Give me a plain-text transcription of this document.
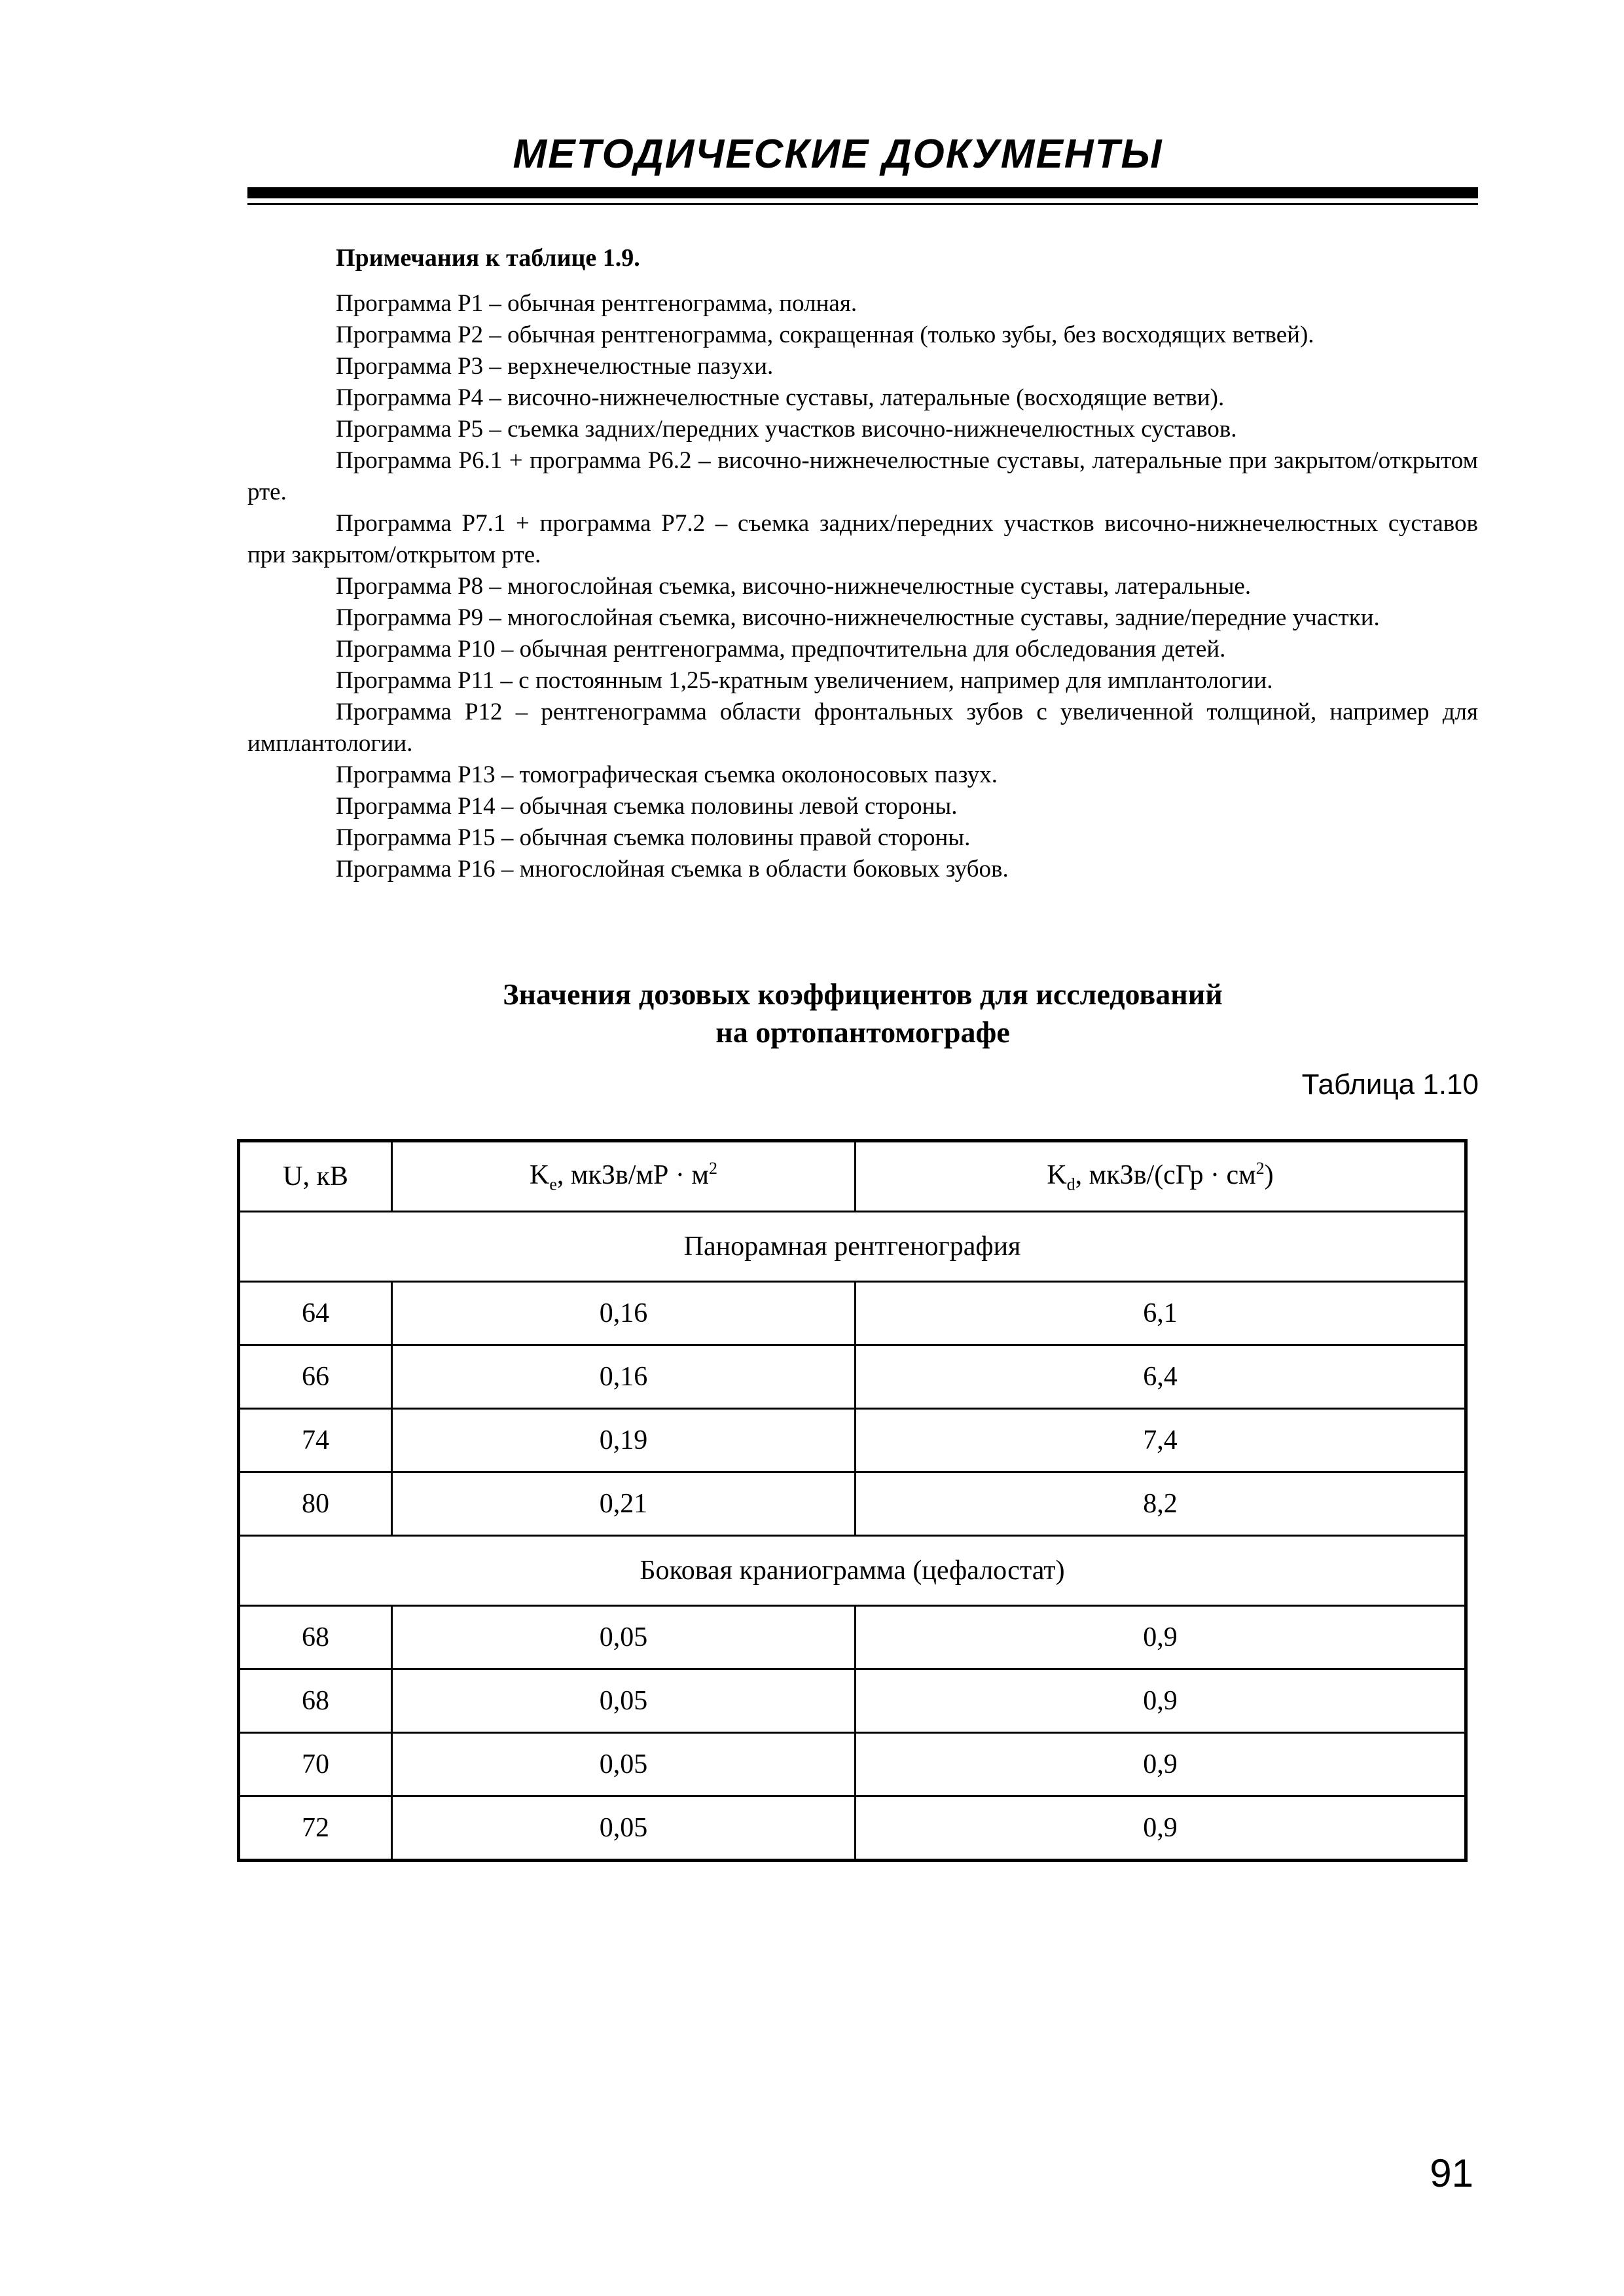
МЕТОДИЧЕСКИЕ ДОКУМЕНТЫ
Примечания к таблице 1.9.

Программа Р1 – обычная рентгенограмма, полная.

Программа Р2 – обычная рентгенограмма, сокращенная (только зубы, без восходящих ветвей).

Программа Р3 – верхнечелюстные пазухи.

Программа Р4 – височно-нижнечелюстные суставы, латеральные (восходящие ветви).

Программа Р5 – съемка задних/передних участков височно-нижнечелюстных суставов.

Программа Р6.1 + программа Р6.2 – височно-нижнечелюстные суставы, латеральные при закрытом/открытом рте.

Программа Р7.1 + программа Р7.2 – съемка задних/передних участков височно-нижнечелюстных суставов при закрытом/открытом рте.

Программа Р8 – многослойная съемка, височно-нижнечелюстные суставы, латеральные.

Программа Р9 – многослойная съемка, височно-нижнечелюстные суставы, задние/передние участки.

Программа Р10 – обычная рентгенограмма, предпочтительна для обследования детей.

Программа Р11 – с постоянным 1,25-кратным увеличением, например для имплантологии.

Программа Р12 – рентгенограмма области фронтальных зубов с увеличенной толщиной, например для имплантологии.

Программа Р13 – томографическая съемка околоносовых пазух.

Программа Р14 – обычная съемка половины левой стороны.

Программа Р15 – обычная съемка половины правой стороны.

Программа Р16 – многослойная съемка в области боковых зубов.

Значения дозовых коэффициентов для исследований
на ортопантомографе
Таблица 1.10
U, кВ	$K_e$, мкЗв/мР · $м^2$	$K_d$, мкЗв/(сГр · $см^2$)
Панорамная рентгенография		
64	0,16	6,1
66	0,16	6,4
74	0,19	7,4
80	0,21	8,2
Боковая краниограмма (цефалостат)		
68	0,05	0,9
68	0,05	0,9
70	0,05	0,9
72	0,05	0,9
91
